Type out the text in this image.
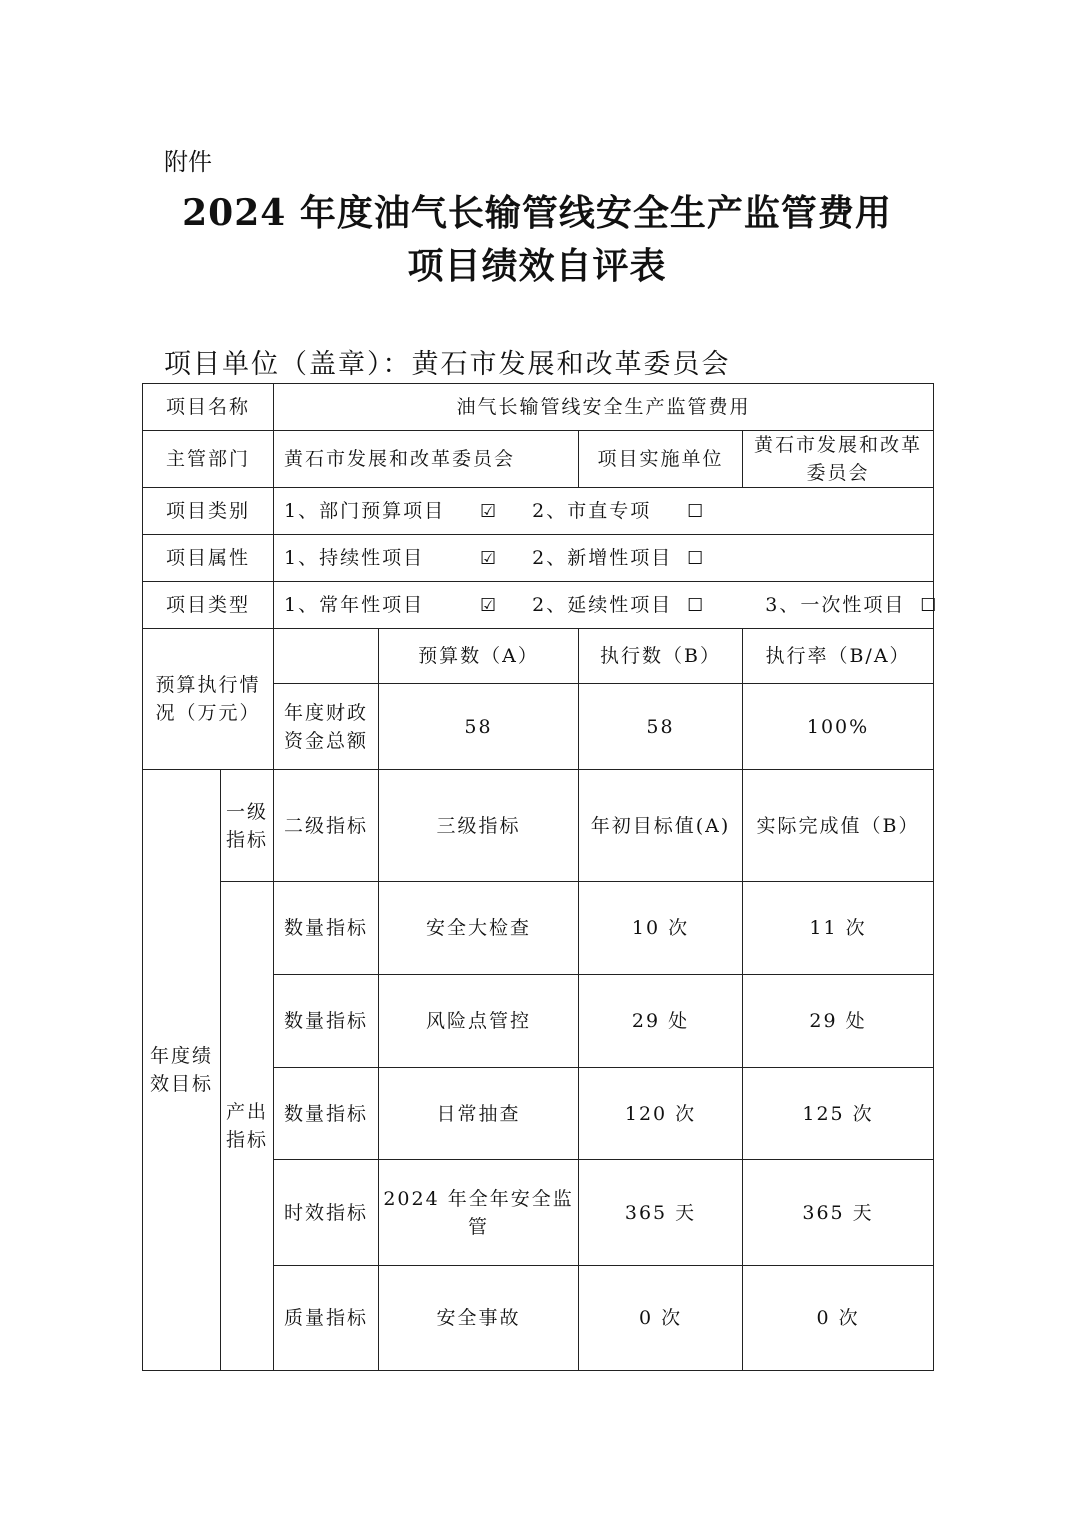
附件
2024 年度油气长输管线安全生产监管费用
项目绩效自评表
项目单位（盖章）：黄石市发展和改革委员会
项目名称		油气长输管线安全生产监管费用			
主管部门		黄石市发展和改革委员会		项目实施单位	黄石市发展和改革委员会
项目类别		1、部门预算项目 ☑ 2、市直专项 ☐			
项目属性		1、持续性项目 ☑ 2、新增性项目 ☐			
项目类型		1、常年性项目 ☑ 2、延续性项目 ☐ 3、一次性项目 ☐			
预算执行情况（万元）			预算数（A）	执行数（B）	执行率（B/A）
		年度财政资金总额	58	58	100%
年度绩效目标	一级指标	二级指标	三级指标	年初目标值(A)	实际完成值（B）
	产出指标	数量指标	安全大检查	10 次	11 次
		数量指标	风险点管控	29 处	29 处
		数量指标	日常抽查	120 次	125 次
		时效指标	2024 年全年安全监管	365 天	365 天
		质量指标	安全事故	0 次	0 次
